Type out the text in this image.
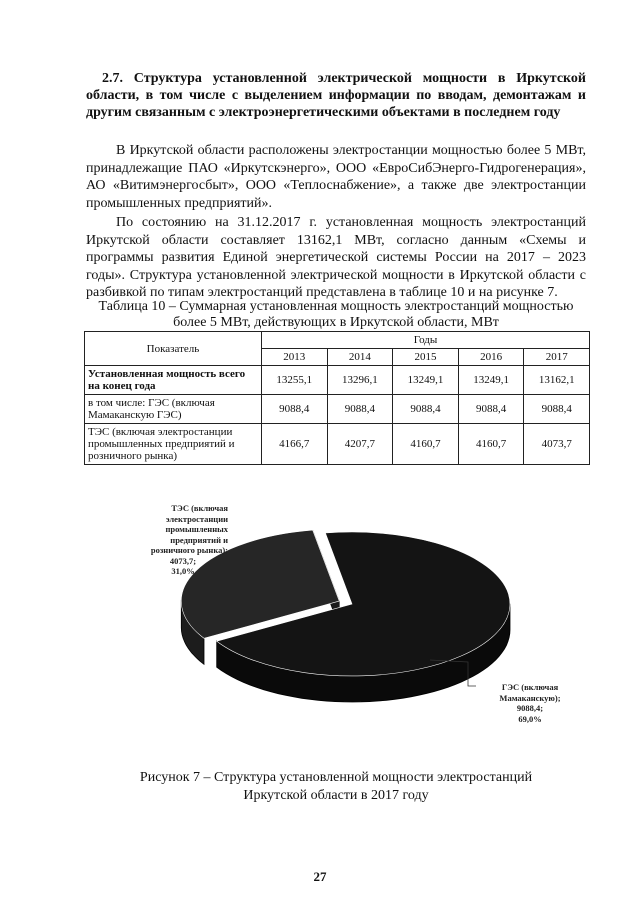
2.7. Структура установленной электрической мощности в Иркутской области, в том числе с выделением информации по вводам, демонтажам и другим связанным с электроэнергетическими объектами в последнем году
В Иркутской области расположены электростанции мощностью более 5 МВт, принадлежащие ПАО «Иркутскэнерго», ООО «ЕвроСибЭнерго-Гидрогенерация», АО «Витимэнергосбыт», ООО «Теплоснабжение», а также две электростанции промышленных предприятий».
По состоянию на 31.12.2017 г. установленная мощность электростанций Иркутской области составляет 13162,1 МВт, согласно данным «Схемы и программы развития Единой энергетической системы России на 2017 – 2023 годы». Структура установленной электрической мощности в Иркутской области с разбивкой по типам электростанций представлена в таблице 10 и на рисунке 7.
Таблица 10 – Суммарная установленная мощность электростанций мощностью
более 5 МВт, действующих в Иркутской области, МВт
Показатель	Годы				
	2013	2014	2015	2016	2017
Установленная мощность всего на конец года	13255,1	13296,1	13249,1	13249,1	13162,1
в том числе: ГЭС (включая Мамаканскую ГЭС)	9088,4	9088,4	9088,4	9088,4	9088,4
ТЭС (включая электростанции промышленных предприятий и розничного рынка)	4166,7	4207,7	4160,7	4160,7	4073,7
ТЭС (включая
электростанции
промышленных
предприятий и
розничного рынка);
4073,7;
31,0%
ГЭС (включая
Мамаканскую);
9088,4;
69,0%
Рисунок 7 – Структура установленной мощности электростанций
Иркутской области в 2017 году
27
